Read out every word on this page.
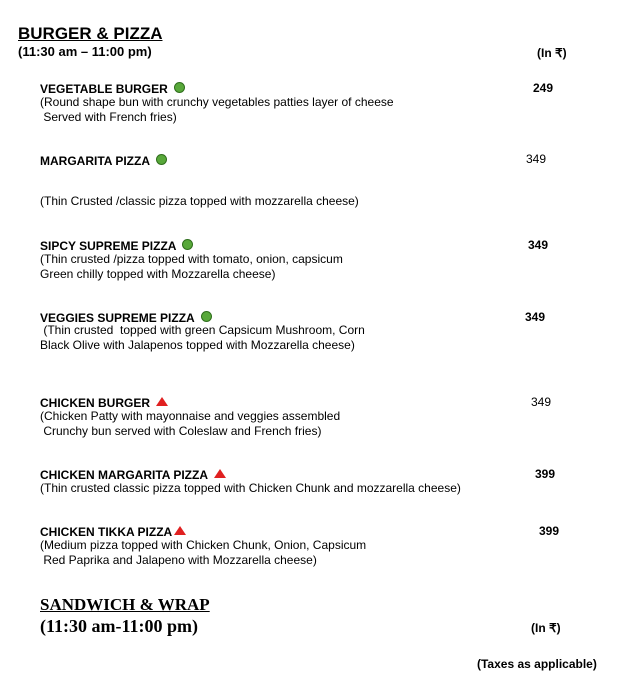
BURGER & PIZZA
(11:30 am – 11:00 pm)	(In ₹)
VEGETABLE BURGER	249
(Round shape bun with crunchy vegetables patties layer of cheese
Served with French fries)
MARGARITA PIZZA	349
(Thin Crusted /classic pizza topped with mozzarella cheese)
SIPCY SUPREME PIZZA	349
(Thin crusted /pizza topped with tomato, onion, capsicum
Green chilly topped with Mozzarella cheese)
VEGGIES SUPREME PIZZA	349
(Thin crusted  topped with green Capsicum Mushroom, Corn
Black Olive with Jalapenos topped with Mozzarella cheese)
CHICKEN BURGER	349
(Chicken Patty with mayonnaise and veggies assembled
Crunchy bun served with Coleslaw and French fries)
CHICKEN MARGARITA PIZZA	399
(Thin crusted classic pizza topped with Chicken Chunk and mozzarella cheese)
CHICKEN TIKKA PIZZA	399
(Medium pizza topped with Chicken Chunk, Onion, Capsicum
Red Paprika and Jalapeno with Mozzarella cheese)
SANDWICH & WRAP
(11:30 am-11:00 pm)	(In ₹)
(Taxes as applicable)
